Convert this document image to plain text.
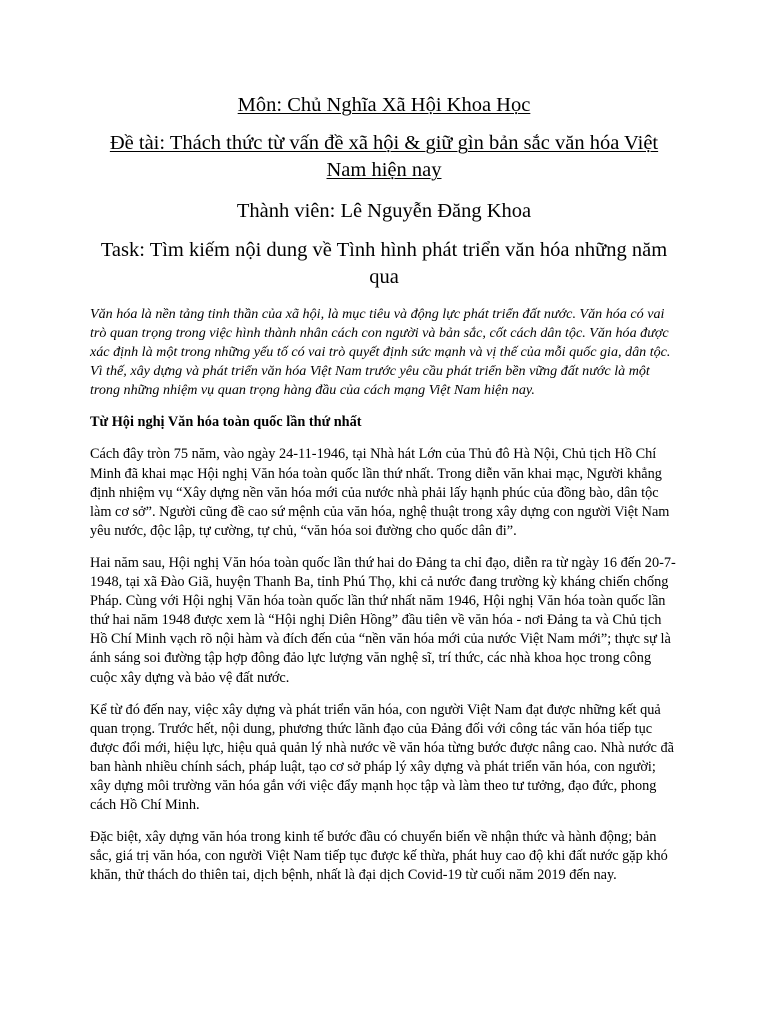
Môn: Chủ Nghĩa Xã Hội Khoa Học
Đề tài: Thách thức từ vấn đề xã hội & giữ gìn bản sắc văn hóa Việt Nam hiện nay
Thành viên: Lê Nguyễn Đăng Khoa
Task: Tìm kiếm nội dung về Tình hình phát triển văn hóa những năm qua

Văn hóa là nền tảng tinh thần của xã hội, là mục tiêu và động lực phát triển đất nước. Văn hóa có vai trò quan trọng trong việc hình thành nhân cách con người và bản sắc, cốt cách dân tộc. Văn hóa được xác định là một trong những yếu tố có vai trò quyết định sức mạnh và vị thế của mỗi quốc gia, dân tộc. Vì thế, xây dựng và phát triển văn hóa Việt Nam trước yêu cầu phát triển bền vững đất nước là một trong những nhiệm vụ quan trọng hàng đầu của cách mạng Việt Nam hiện nay.

Từ Hội nghị Văn hóa toàn quốc lần thứ nhất

Cách đây tròn 75 năm, vào ngày 24-11-1946, tại Nhà hát Lớn của Thủ đô Hà Nội, Chủ tịch Hồ Chí Minh đã khai mạc Hội nghị Văn hóa toàn quốc lần thứ nhất. Trong diễn văn khai mạc, Người khẳng định nhiệm vụ “Xây dựng nền văn hóa mới của nước nhà phải lấy hạnh phúc của đồng bào, dân tộc làm cơ sở”. Người cũng đề cao sứ mệnh của văn hóa, nghệ thuật trong xây dựng con người Việt Nam yêu nước, độc lập, tự cường, tự chủ, “văn hóa soi đường cho quốc dân đi”.

Hai năm sau, Hội nghị Văn hóa toàn quốc lần thứ hai do Đảng ta chỉ đạo, diễn ra từ ngày 16 đến 20-7-1948, tại xã Đào Giã, huyện Thanh Ba, tỉnh Phú Thọ, khi cả nước đang trường kỳ kháng chiến chống Pháp. Cùng với Hội nghị Văn hóa toàn quốc lần thứ nhất năm 1946, Hội nghị Văn hóa toàn quốc lần thứ hai năm 1948 được xem là “Hội nghị Diên Hồng” đầu tiên về văn hóa - nơi Đảng ta và Chủ tịch Hồ Chí Minh vạch rõ nội hàm và đích đến của “nền văn hóa mới của nước Việt Nam mới”; thực sự là ánh sáng soi đường tập hợp đông đảo lực lượng văn nghệ sĩ, trí thức, các nhà khoa học trong công cuộc xây dựng và bảo vệ đất nước.

Kể từ đó đến nay, việc xây dựng và phát triển văn hóa, con người Việt Nam đạt được những kết quả quan trọng. Trước hết, nội dung, phương thức lãnh đạo của Đảng đối với công tác văn hóa tiếp tục được đổi mới, hiệu lực, hiệu quả quản lý nhà nước về văn hóa từng bước được nâng cao. Nhà nước đã ban hành nhiều chính sách, pháp luật, tạo cơ sở pháp lý xây dựng và phát triển văn hóa, con người; xây dựng môi trường văn hóa gắn với việc đẩy mạnh học tập và làm theo tư tưởng, đạo đức, phong cách Hồ Chí Minh.

Đặc biệt, xây dựng văn hóa trong kinh tế bước đầu có chuyển biến về nhận thức và hành động; bản sắc, giá trị văn hóa, con người Việt Nam tiếp tục được kế thừa, phát huy cao độ khi đất nước gặp khó khăn, thử thách do thiên tai, dịch bệnh, nhất là đại dịch Covid-19 từ cuối năm 2019 đến nay.
